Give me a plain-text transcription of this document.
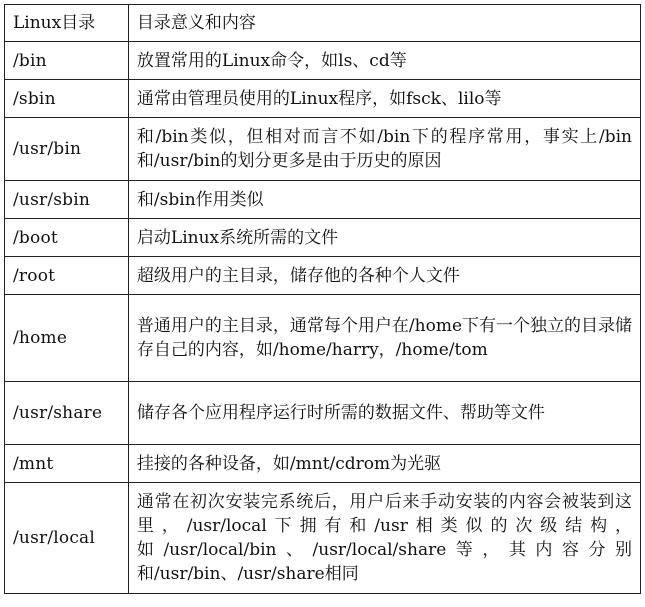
Linux目录	目录意义和内容
/bin	放置常用的Linux命令，如ls、cd等
/sbin	通常由管理员使用的Linux程序，如fsck、lilo等
/usr/bin	和/bin类似，但相对而言不如/bin下的程序常用，事实上/bin和/usr/bin的划分更多是由于历史的原因
/usr/sbin	和/sbin作用类似
/boot	启动Linux系统所需的文件
/root	超级用户的主目录，储存他的各种个人文件
/home	普通用户的主目录，通常每个用户在/home下有一个独立的目录储存自己的内容，如/home/harry，/home/tom
/usr/share	储存各个应用程序运行时所需的数据文件、帮助等文件
/mnt	挂接的各种设备，如/mnt/cdrom为光驱
/usr/local	通常在初次安装完系统后，用户后来手动安装的内容会被装到这里，/usr/local下拥有和/usr相类似的次级结构，如/usr/local/bin、/usr/local/share等，其内容分别和/usr/bin、/usr/share相同
